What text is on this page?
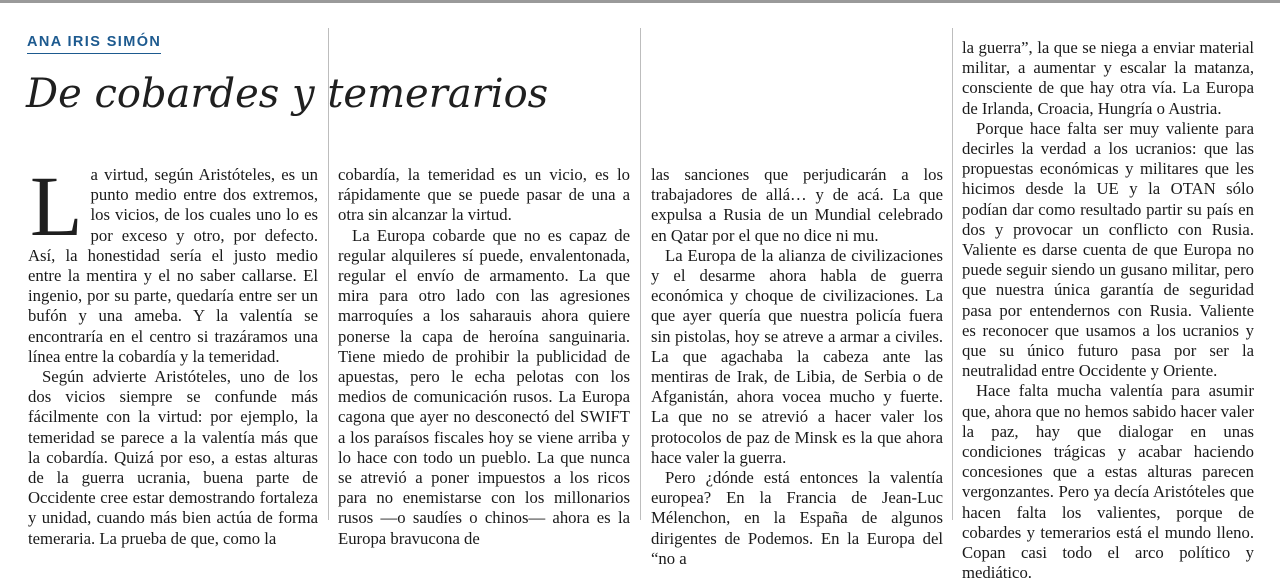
ANA IRIS SIMÓN
De cobardes y temerarios

La virtud, según Aristóteles, es un punto medio entre dos extremos, los vicios, de los cuales uno lo es por exceso y otro, por defecto. Así, la honestidad sería el justo medio entre la mentira y el no saber callarse. El ingenio, por su parte, quedaría entre ser un bufón y una ameba. Y la valentía se encontraría en el centro si trazáramos una línea entre la cobardía y la temeridad.

Según advierte Aristóteles, uno de los dos vicios siempre se confunde más fácilmente con la virtud: por ejemplo, la temeridad se parece a la valentía más que la cobardía. Quizá por eso, a estas alturas de la guerra ucrania, buena parte de Occidente cree estar demostrando fortaleza y unidad, cuando más bien actúa de forma temeraria. La prueba de que, como la

cobardía, la temeridad es un vicio, es lo rápidamente que se puede pasar de una a otra sin alcanzar la virtud.

La Europa cobarde que no es capaz de regular alquileres sí puede, envalentonada, regular el envío de armamento. La que mira para otro lado con las agresiones marroquíes a los saharauis ahora quiere ponerse la capa de heroína sanguinaria. Tiene miedo de prohibir la publicidad de apuestas, pero le echa pelotas con los medios de comunicación rusos. La Europa cagona que ayer no desconectó del SWIFT a los paraísos fiscales hoy se viene arriba y lo hace con todo un pueblo. La que nunca se atrevió a poner impuestos a los ricos para no enemistarse con los millonarios rusos —o saudíes o chinos— ahora es la Europa bravucona de

las sanciones que perjudicarán a los trabajadores de allá… y de acá. La que expulsa a Rusia de un Mundial celebrado en Qatar por el que no dice ni mu.

La Europa de la alianza de civilizaciones y el desarme ahora habla de guerra económica y choque de civilizaciones. La que ayer quería que nuestra policía fuera sin pistolas, hoy se atreve a armar a civiles. La que agachaba la cabeza ante las mentiras de Irak, de Libia, de Serbia o de Afganistán, ahora vocea mucho y fuerte. La que no se atrevió a hacer valer los protocolos de paz de Minsk es la que ahora hace valer la guerra.

Pero ¿dónde está entonces la valentía europea? En la Francia de Jean-Luc Mélenchon, en la España de algunos dirigentes de Podemos. En la Europa del “no a

la guerra”, la que se niega a enviar material militar, a aumentar y escalar la matanza, consciente de que hay otra vía. La Europa de Irlanda, Croacia, Hungría o Austria.

Porque hace falta ser muy valiente para decirles la verdad a los ucranios: que las propuestas económicas y militares que les hicimos desde la UE y la OTAN sólo podían dar como resultado partir su país en dos y provocar un conflicto con Rusia. Valiente es darse cuenta de que Europa no puede seguir siendo un gusano militar, pero que nuestra única garantía de seguridad pasa por entendernos con Rusia. Valiente es reconocer que usamos a los ucranios y que su único futuro pasa por ser la neutralidad entre Occidente y Oriente.

Hace falta mucha valentía para asumir que, ahora que no hemos sabido hacer valer la paz, hay que dialogar en unas condiciones trágicas y acabar haciendo concesiones que a estas alturas parecen vergonzantes. Pero ya decía Aristóteles que hacen falta los valientes, porque de cobardes y temerarios está el mundo lleno. Copan casi todo el arco político y mediático.
